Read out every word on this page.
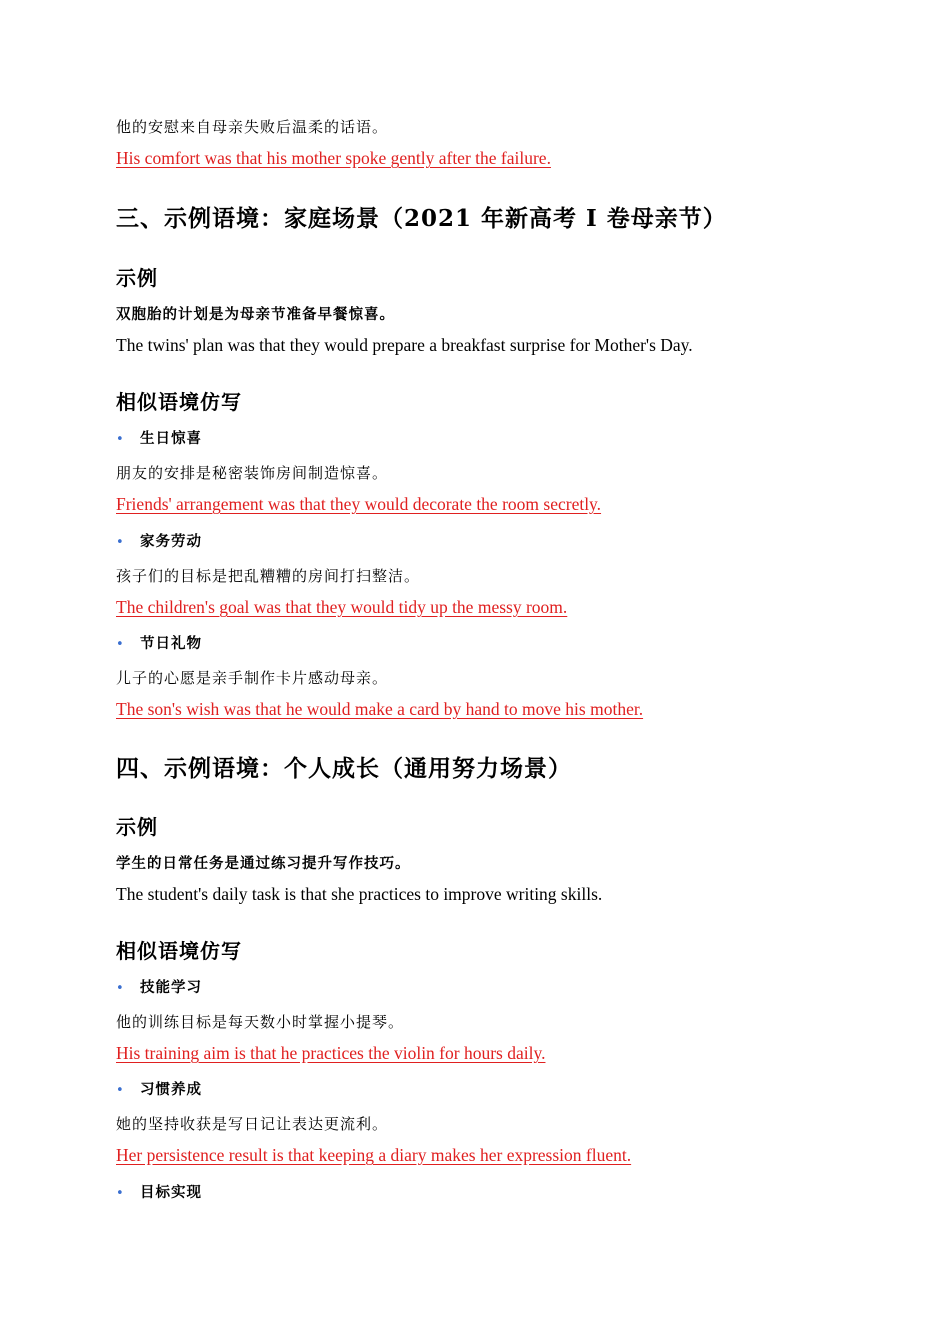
他的安慰来自母亲失败后温柔的话语。
His comfort was that his mother spoke gently after the failure.
三、示例语境：家庭场景（2021 年新高考 Ⅰ 卷母亲节）
示例
双胞胎的计划是为母亲节准备早餐惊喜。
The twins' plan was that they would prepare a breakfast surprise for Mother's Day.
相似语境仿写
• 生日惊喜
朋友的安排是秘密装饰房间制造惊喜。
Friends' arrangement was that they would decorate the room secretly.
• 家务劳动
孩子们的目标是把乱糟糟的房间打扫整洁。
The children's goal was that they would tidy up the messy room.
• 节日礼物
儿子的心愿是亲手制作卡片感动母亲。
The son's wish was that he would make a card by hand to move his mother.
四、示例语境：个人成长（通用努力场景）
示例
学生的日常任务是通过练习提升写作技巧。
The student's daily task is that she practices to improve writing skills.
相似语境仿写
• 技能学习
他的训练目标是每天数小时掌握小提琴。
His training aim is that he practices the violin for hours daily.
• 习惯养成
她的坚持收获是写日记让表达更流利。
Her persistence result is that keeping a diary makes her expression fluent.
• 目标实现
